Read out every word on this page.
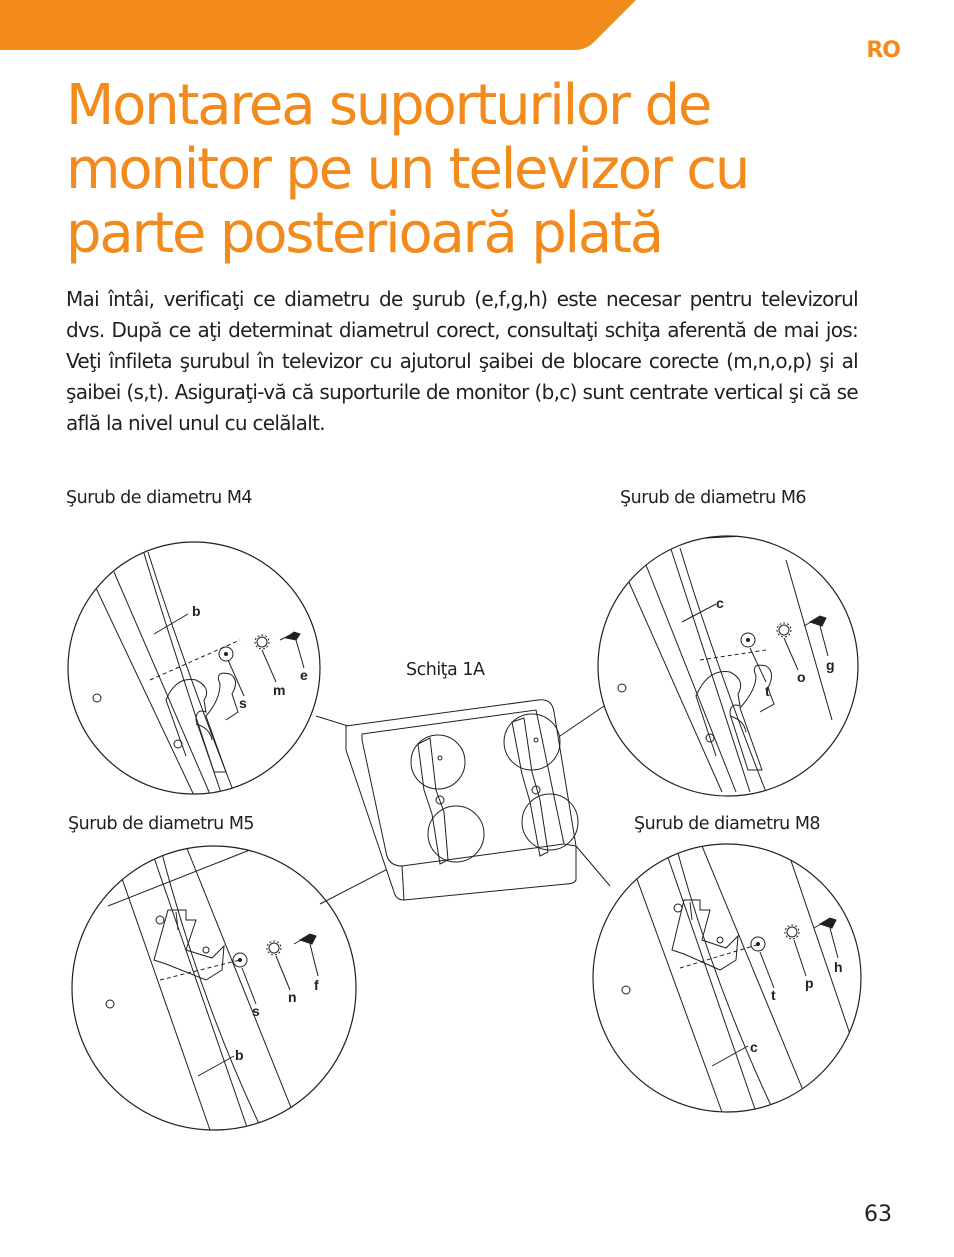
RO
Montarea suporturilor de monitor pe un televizor cu parte posterioară plată

Mai întâi, verificaţi ce diametru de şurub (e,f,g,h) este necesar pentru televizorul dvs. După ce aţi determinat diametrul corect, consultaţi schiţa aferentă de mai jos: Veţi înfileta şurubul în televizor cu ajutorul şaibei de blocare corecte (m,n,o,p) şi al şaibei (s,t). Asiguraţi-vă că suporturile de monitor (b,c) sunt centrate vertical şi că se află la nivel unul cu celălalt.

Şurub de diametru M4	Şurub de diametru M6
Schiţa 1A
Şurub de diametru M5	Şurub de diametru M8
b
s
m
e
c
t
o
g
s
n
f
b
t
p
h
c
63
